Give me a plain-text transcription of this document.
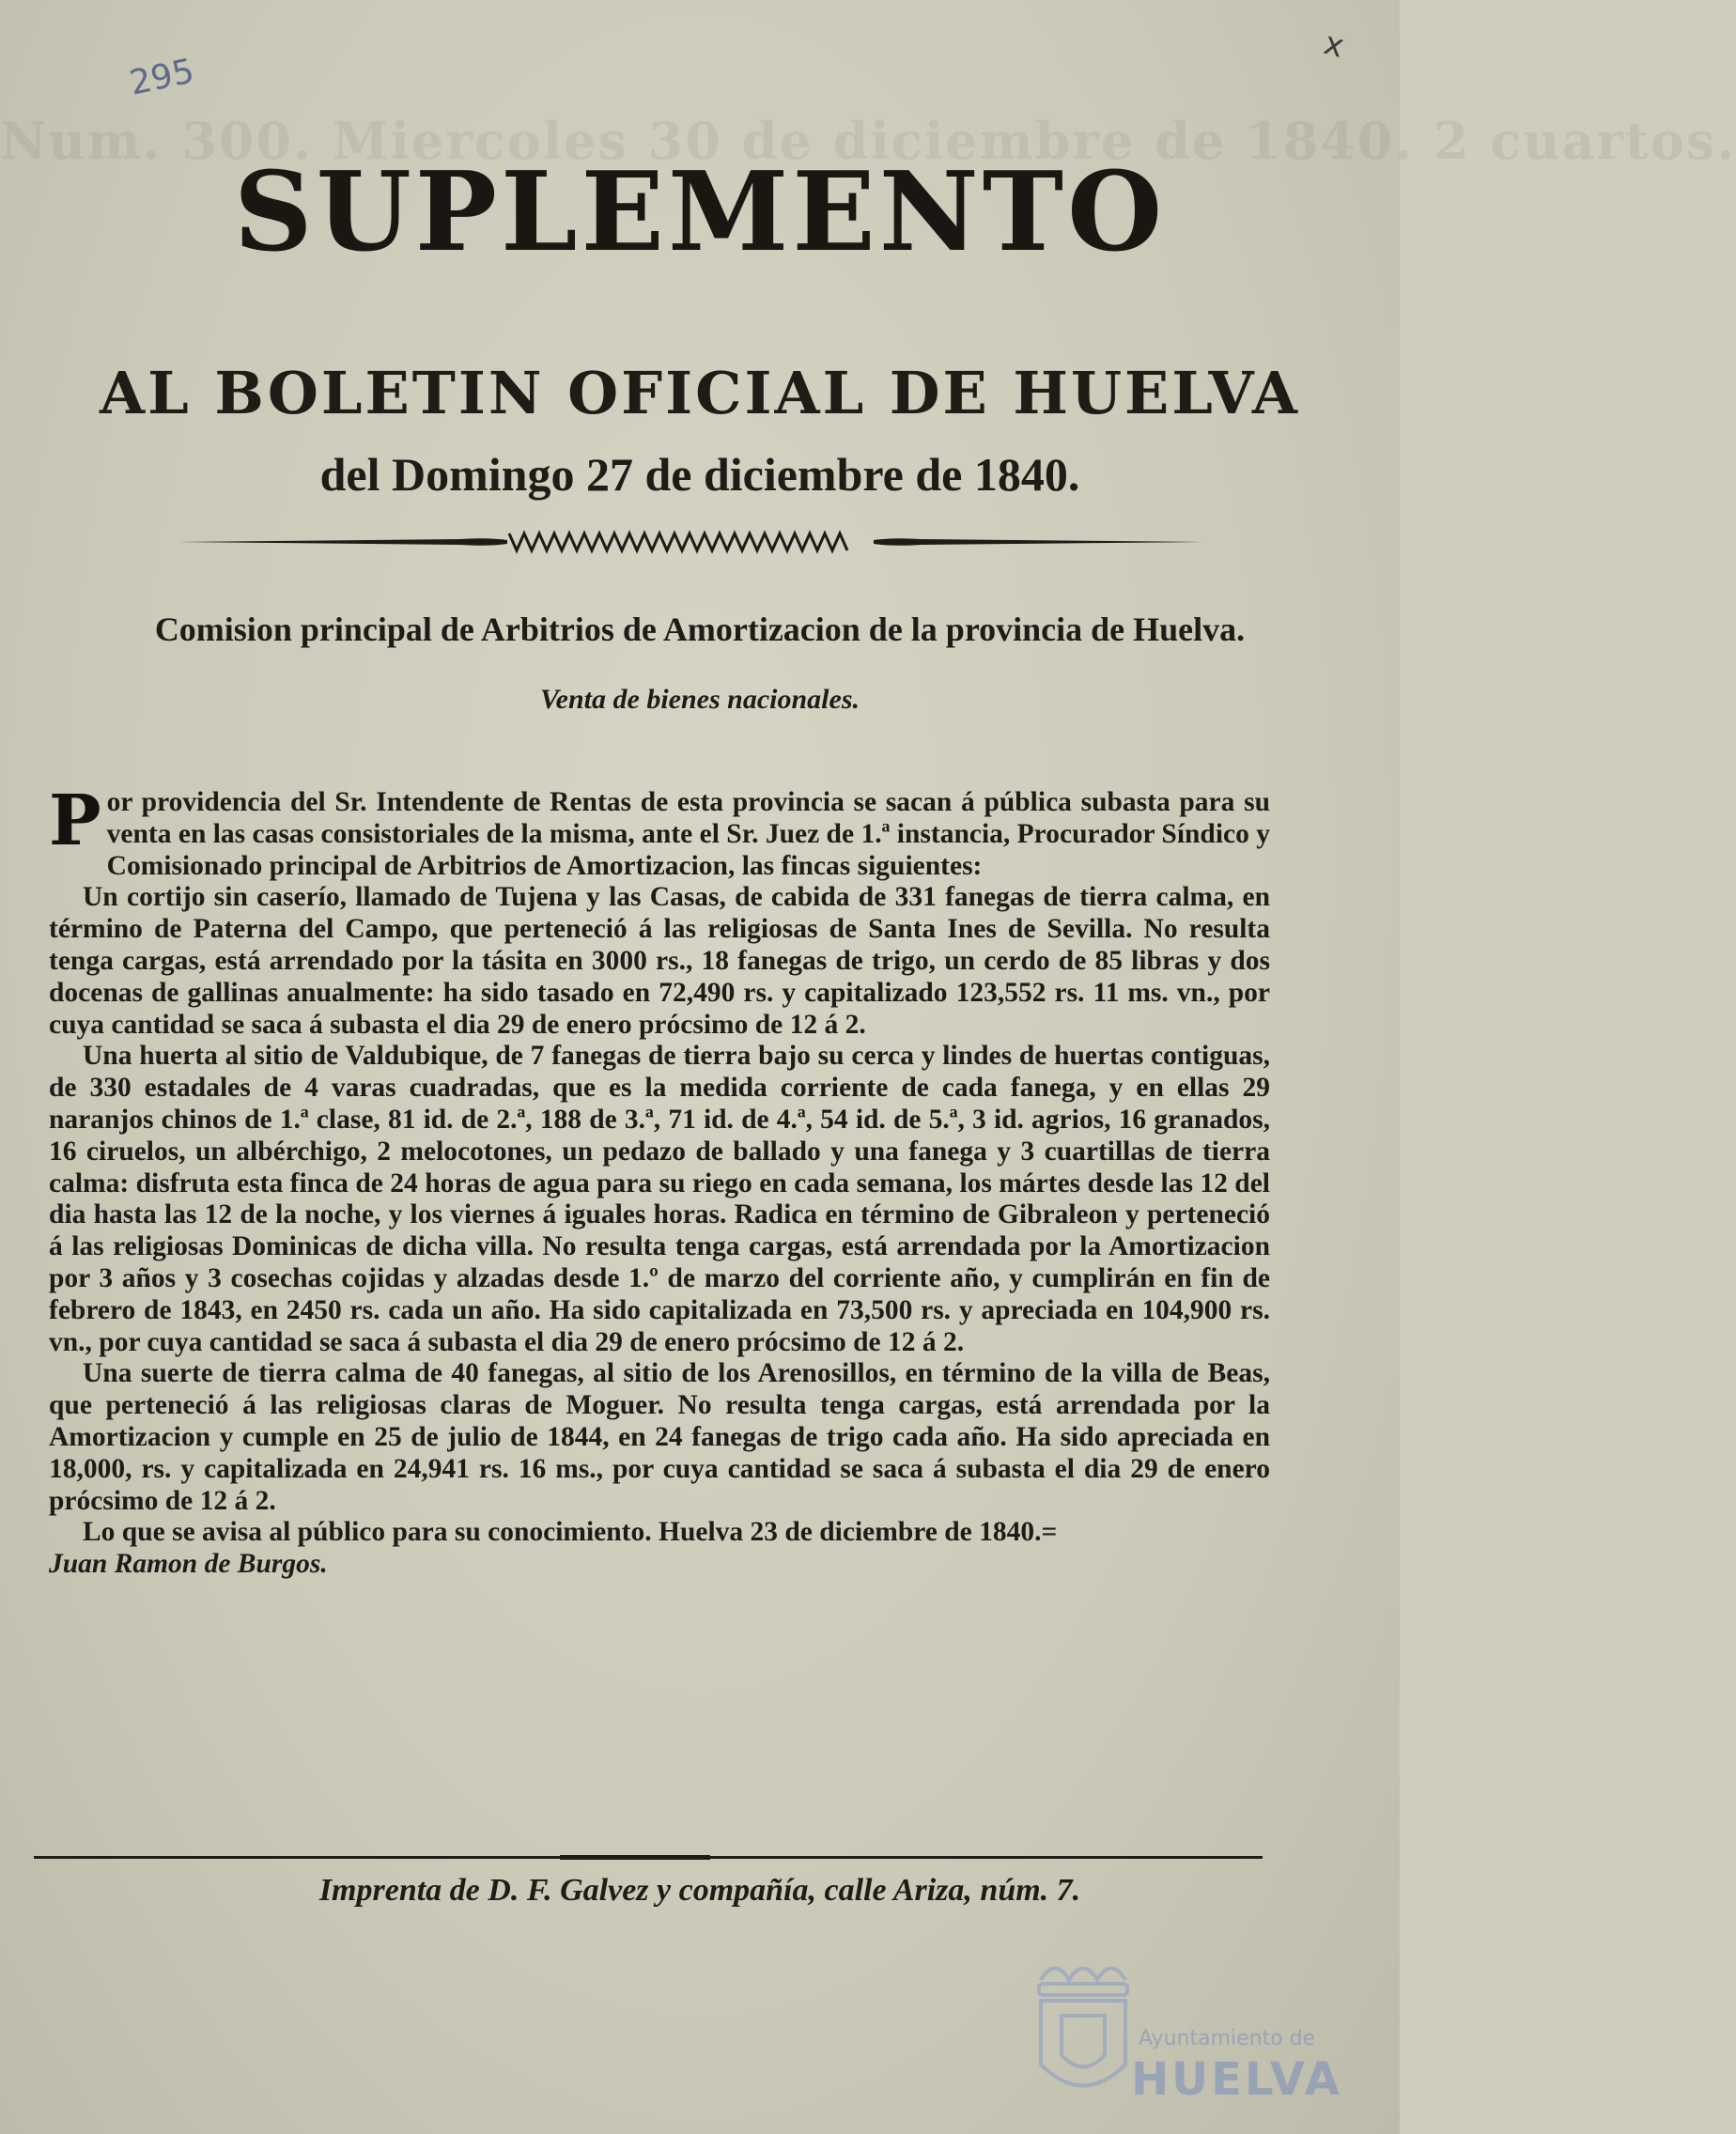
Num. 300. Miercoles 30 de diciembre de 1840. 2 cuartos.
295
x
SUPLEMENTO
AL BOLETIN OFICIAL DE HUELVA
del Domingo 27 de diciembre de 1840.
Comision principal de Arbitrios de Amortizacion de la provincia de Huelva.
Venta de bienes nacionales.

Por providencia del Sr. Intendente de Rentas de esta provincia se sacan á pública subasta para su venta en las casas consistoriales de la misma, ante el Sr. Juez de 1.ª instancia, Procurador Síndico y Comisionado principal de Arbitrios de Amortizacion, las fincas siguientes:

Un cortijo sin caserío, llamado de Tujena y las Casas, de cabida de 331 fanegas de tierra calma, en término de Paterna del Campo, que perteneció á las religiosas de Santa Ines de Sevilla. No resulta tenga cargas, está arrendado por la tásita en 3000 rs., 18 fanegas de trigo, un cerdo de 85 libras y dos docenas de gallinas anualmente: ha sido tasado en 72,490 rs. y capitalizado 123,552 rs. 11 ms. vn., por cuya cantidad se saca á subasta el dia 29 de enero prócsimo de 12 á 2.

Una huerta al sitio de Valdubique, de 7 fanegas de tierra bajo su cerca y lindes de huertas contiguas, de 330 estadales de 4 varas cuadradas, que es la medida corriente de cada fanega, y en ellas 29 naranjos chinos de 1.ª clase, 81 id. de 2.ª, 188 de 3.ª, 71 id. de 4.ª, 54 id. de 5.ª, 3 id. agrios, 16 granados, 16 ciruelos, un albérchigo, 2 melocotones, un pedazo de ballado y una fanega y 3 cuartillas de tierra calma: disfruta esta finca de 24 horas de agua para su riego en cada semana, los mártes desde las 12 del dia hasta las 12 de la noche, y los viernes á iguales horas. Radica en término de Gibraleon y perteneció á las religiosas Dominicas de dicha villa. No resulta tenga cargas, está arrendada por la Amortizacion por 3 años y 3 cosechas cojidas y alzadas desde 1.º de marzo del corriente año, y cumplirán en fin de febrero de 1843, en 2450 rs. cada un año. Ha sido capitalizada en 73,500 rs. y apreciada en 104,900 rs. vn., por cuya cantidad se saca á subasta el dia 29 de enero prócsimo de 12 á 2.

Una suerte de tierra calma de 40 fanegas, al sitio de los Arenosillos, en término de la villa de Beas, que perteneció á las religiosas claras de Moguer. No resulta tenga cargas, está arrendada por la Amortizacion y cumple en 25 de julio de 1844, en 24 fanegas de trigo cada año. Ha sido apreciada en 18,000, rs. y capitalizada en 24,941 rs. 16 ms., por cuya cantidad se saca á subasta el dia 29 de enero prócsimo de 12 á 2.

Lo que se avisa al público para su conocimiento. Huelva 23 de diciembre de 1840.=

Juan Ramon de Burgos.

Imprenta de D. F. Galvez y compañía, calle Ariza, núm. 7.
Ayuntamiento de
HUELVA
